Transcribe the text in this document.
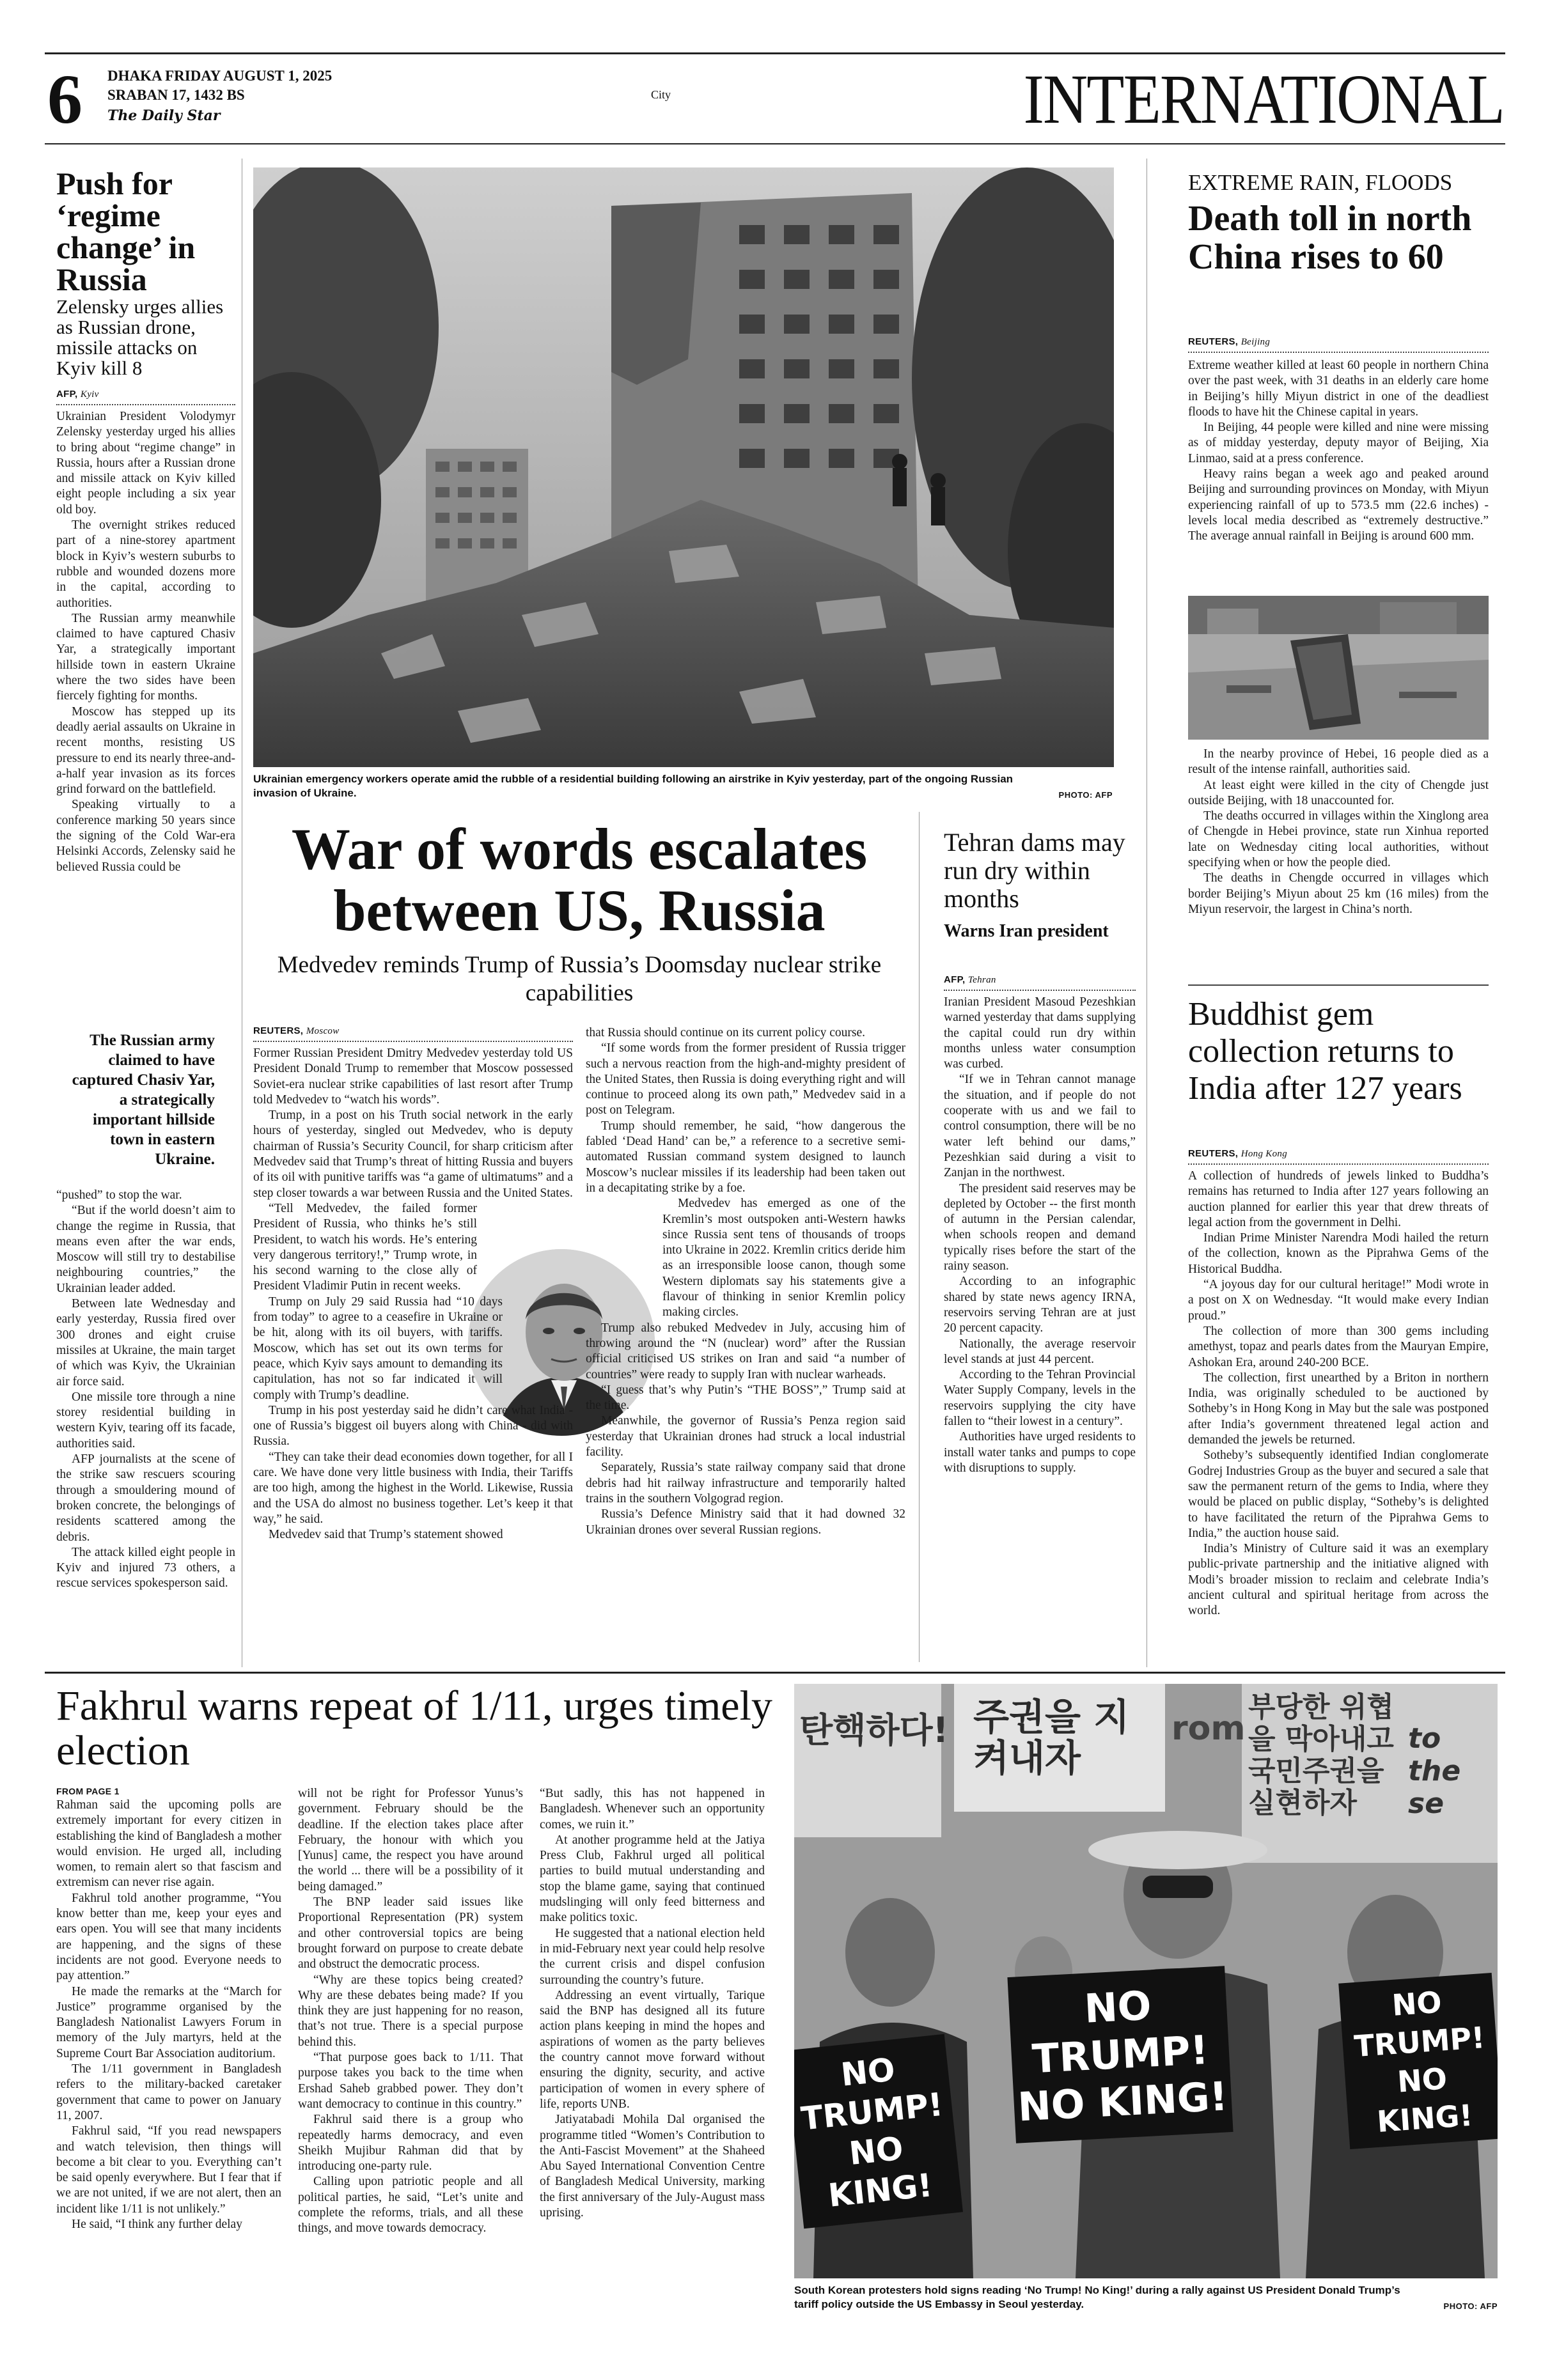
6 DHAKA FRIDAY AUGUST 1, 2025
SRABAN 17, 1432 BS
The Daily Star
City	INTERNATIONAL
Push for ‘regime change’ in Russia
Zelensky urges allies as Russian drone, missile attacks on Kyiv kill 8
AFP, Kyiv

Ukrainian President Volodymyr Zelensky yesterday urged his allies to bring about “regime change” in Russia, hours after a Russian drone and missile attack on Kyiv killed eight people including a six year old boy.

The overnight strikes reduced part of a nine-storey apartment block in Kyiv’s western suburbs to rubble and wounded dozens more in the capital, according to authorities.

The Russian army meanwhile claimed to have captured Chasiv Yar, a strategically important hillside town in eastern Ukraine where the two sides have been fiercely fighting for months.

Moscow has stepped up its deadly aerial assaults on Ukraine in recent months, resisting US pressure to end its nearly three-and-a-half year invasion as its forces grind forward on the battlefield.

Speaking virtually to a conference marking 50 years since the signing of the Cold War-era Helsinki Accords, Zelensky said he believed Russia could be

The Russian army claimed to have captured Chasiv Yar, a strategically important hillside town in eastern Ukraine.

“pushed” to stop the war.

“But if the world doesn’t aim to change the regime in Russia, that means even after the war ends, Moscow will still try to destabilise neighbouring countries,” the Ukrainian leader added.

Between late Wednesday and early yesterday, Russia fired over 300 drones and eight cruise missiles at Ukraine, the main target of which was Kyiv, the Ukrainian air force said.

One missile tore through a nine storey residential building in western Kyiv, tearing off its facade, authorities said.

AFP journalists at the scene of the strike saw rescuers scouring through a smouldering mound of broken concrete, the belongings of residents scattered among the debris.

The attack killed eight people in Kyiv and injured 73 others, a rescue services spokesperson said.

Ukrainian emergency workers operate amid the rubble of a residential building following an airstrike in Kyiv yesterday, part of the ongoing Russian invasion of Ukraine.	PHOTO: AFP
War of words escalates between US, Russia
Medvedev reminds Trump of Russia’s Doomsday nuclear strike capabilities
REUTERS, Moscow

Former Russian President Dmitry Medvedev yesterday told US President Donald Trump to remember that Moscow possessed Soviet-era nuclear strike capabilities of last resort after Trump told Medvedev to “watch his words”.

Trump, in a post on his Truth social network in the early hours of yesterday, singled out Medvedev, who is deputy chairman of Russia’s Security Council, for sharp criticism after Medvedev said that Trump’s threat of hitting Russia and buyers of its oil with punitive tariffs was “a game of ultimatums” and a step closer towards a war between Russia and the United States.

“Tell Medvedev, the failed former President of Russia, who thinks he’s still President, to watch his words. He’s entering very dangerous territory!,” Trump wrote, in his second warning to the close ally of President Vladimir Putin in recent weeks.

Trump on July 29 said Russia had “10 days from today” to agree to a ceasefire in Ukraine or be hit, along with its oil buyers, with tariffs. Moscow, which has set out its own terms for peace, which Kyiv says amount to demanding its capitulation, has not so far indicated it will comply with Trump’s deadline.

Trump in his post yesterday said he didn’t care what India - one of Russia’s biggest oil buyers along with China - did with Russia.

“They can take their dead economies down together, for all I care. We have done very little business with India, their Tariffs are too high, among the highest in the World. Likewise, Russia and the USA do almost no business together. Let’s keep it that way,” he said.

Medvedev said that Trump’s statement showed

that Russia should continue on its current policy course.

“If some words from the former president of Russia trigger such a nervous reaction from the high-and-mighty president of the United States, then Russia is doing everything right and will continue to proceed along its own path,” Medvedev said in a post on Telegram.

Trump should remember, he said, “how dangerous the fabled ‘Dead Hand’ can be,” a reference to a secretive semi-automated Russian command system designed to launch Moscow’s nuclear missiles if its leadership had been taken out in a decapitating strike by a foe.

Medvedev has emerged as one of the Kremlin’s most outspoken anti-Western hawks since Russia sent tens of thousands of troops into Ukraine in 2022. Kremlin critics deride him as an irresponsible loose canon, though some Western diplomats say his statements give a flavour of thinking in senior Kremlin policy making circles.

Trump also rebuked Medvedev in July, accusing him of throwing around the “N (nuclear) word” after the Russian official criticised US strikes on Iran and said “a number of countries” were ready to supply Iran with nuclear warheads.

“I guess that’s why Putin’s “THE BOSS”,” Trump said at the time.

Meanwhile, the governor of Russia’s Penza region said yesterday that Ukrainian drones had struck a local industrial facility.

Separately, Russia’s state railway company said that drone debris had hit railway infrastructure and temporarily halted trains in the southern Volgograd region.

Russia’s Defence Ministry said that it had downed 32 Ukrainian drones over several Russian regions.

Tehran dams may run dry within months
Warns Iran president
AFP, Tehran

Iranian President Masoud Pezeshkian warned yesterday that dams supplying the capital could run dry within months unless water consumption was curbed.

“If we in Tehran cannot manage the situation, and if people do not cooperate with us and we fail to control consumption, there will be no water left behind our dams,” Pezeshkian said during a visit to Zanjan in the northwest.

The president said reserves may be depleted by October -- the first month of autumn in the Persian calendar, when schools reopen and demand typically rises before the start of the rainy season.

According to an infographic shared by state news agency IRNA, reservoirs serving Tehran are at just 20 percent capacity.

Nationally, the average reservoir level stands at just 44 percent.

According to the Tehran Provincial Water Supply Company, levels in the reservoirs supplying the city have fallen to “their lowest in a century”.

Authorities have urged residents to install water tanks and pumps to cope with disruptions to supply.

EXTREME RAIN, FLOODS
Death toll in north China rises to 60
REUTERS, Beijing

Extreme weather killed at least 60 people in northern China over the past week, with 31 deaths in an elderly care home in Beijing’s hilly Miyun district in one of the deadliest floods to have hit the Chinese capital in years.

In Beijing, 44 people were killed and nine were missing as of midday yesterday, deputy mayor of Beijing, Xia Linmao, said at a press conference.

Heavy rains began a week ago and peaked around Beijing and surrounding provinces on Monday, with Miyun experiencing rainfall of up to 573.5 mm (22.6 inches) - levels local media described as “extremely destructive.” The average annual rainfall in Beijing is around 600 mm.

In the nearby province of Hebei, 16 people died as a result of the intense rainfall, authorities said.

At least eight were killed in the city of Chengde just outside Beijing, with 18 unaccounted for.

The deaths occurred in villages within the Xinglong area of Chengde in Hebei province, state run Xinhua reported late on Wednesday citing local authorities, without specifying when or how the people died.

The deaths in Chengde occurred in villages which border Beijing’s Miyun about 25 km (16 miles) from the Miyun reservoir, the largest in China’s north.

Buddhist gem collection returns to India after 127 years
REUTERS, Hong Kong

A collection of hundreds of jewels linked to Buddha’s remains has returned to India after 127 years following an auction planned for earlier this year that drew threats of legal action from the government in Delhi.

Indian Prime Minister Narendra Modi hailed the return of the collection, known as the Piprahwa Gems of the Historical Buddha.

“A joyous day for our cultural heritage!” Modi wrote in a post on X on Wednesday. “It would make every Indian proud.”

The collection of more than 300 gems including amethyst, topaz and pearls dates from the Mauryan Empire, Ashokan Era, around 240-200 BCE.

The collection, first unearthed by a Briton in northern India, was originally scheduled to be auctioned by Sotheby’s in Hong Kong in May but the sale was postponed after India’s government threatened legal action and demanded the jewels be returned.

Sotheby’s subsequently identified Indian conglomerate Godrej Industries Group as the buyer and secured a sale that saw the permanent return of the gems to India, where they would be placed on public display, “Sotheby’s is delighted to have facilitated the return of the Piprahwa Gems to India,” the auction house said.

India’s Ministry of Culture said it was an exemplary public-private partnership and the initiative aligned with Modi’s broader mission to reclaim and celebrate India’s ancient cultural and spiritual heritage from across the world.

Fakhrul warns repeat of 1/11, urges timely election
FROM PAGE 1

Rahman said the upcoming polls are extremely important for every citizen in establishing the kind of Bangladesh a mother would envision. He urged all, including women, to remain alert so that fascism and extremism can never rise again.

Fakhrul told another programme, “You know better than me, keep your eyes and ears open. You will see that many incidents are happening, and the signs of these incidents are not good. Everyone needs to pay attention.”

He made the remarks at the “March for Justice” programme organised by the Bangladesh Nationalist Lawyers Forum in memory of the July martyrs, held at the Supreme Court Bar Association auditorium.

The 1/11 government in Bangladesh refers to the military-backed caretaker government that came to power on January 11, 2007.

Fakhrul said, “If you read newspapers and watch television, then things will become a bit clear to you. Everything can’t be said openly everywhere. But I fear that if we are not united, if we are not alert, then an incident like 1/11 is not unlikely.”

He said, “I think any further delay

will not be right for Professor Yunus’s government. February should be the deadline. If the election takes place after February, the honour with which you [Yunus] came, the respect you have around the world ... there will be a possibility of it being damaged.”

The BNP leader said issues like Proportional Representation (PR) system and other controversial topics are being brought forward on purpose to create debate and obstruct the democratic process.

“Why are these topics being created? Why are these debates being made? If you think they are just happening for no reason, that’s not true. There is a special purpose behind this.

“That purpose goes back to 1/11. That purpose takes you back to the time when Ershad Saheb grabbed power. They don’t want democracy to continue in this country.”

Fakhrul said there is a group who repeatedly harms democracy, and even Sheikh Mujibur Rahman did that by introducing one-party rule.

Calling upon patriotic people and all political parties, he said, “Let’s unite and complete the reforms, trials, and all these things, and move towards democracy.

“But sadly, this has not happened in Bangladesh. Whenever such an opportunity comes, we ruin it.”

At another programme held at the Jatiya Press Club, Fakhrul urged all political parties to build mutual understanding and stop the blame game, saying that continued mudslinging will only feed bitterness and make politics toxic.

He suggested that a national election held in mid-February next year could help resolve the current crisis and dispel confusion surrounding the country’s future.

Addressing an event virtually, Tarique said the BNP has designed all its future action plans keeping in mind the hopes and aspirations of women as the party believes the country cannot move forward without ensuring the dignity, security, and active participation of women in every sphere of life, reports UNB.

Jatiyatabadi Mohila Dal organised the programme titled “Women’s Contribution to the Anti-Fascist Movement” at the Shaheed Abu Sayed International Convention Centre of Bangladesh Medical University, marking the first anniversary of the July-August mass uprising.

탄핵하다! 주권을 지켜내자
rom
부당한 위협을 막아내고 국민주권을 실현하자
to the se
NO TRUMP! NO KING!
NO TRUMP! NO KING!
NO TRUMP! NO KING!
South Korean protesters hold signs reading ‘No Trump! No King!’ during a rally against US President Donald Trump’s tariff policy outside the US Embassy in Seoul yesterday.	PHOTO: AFP
